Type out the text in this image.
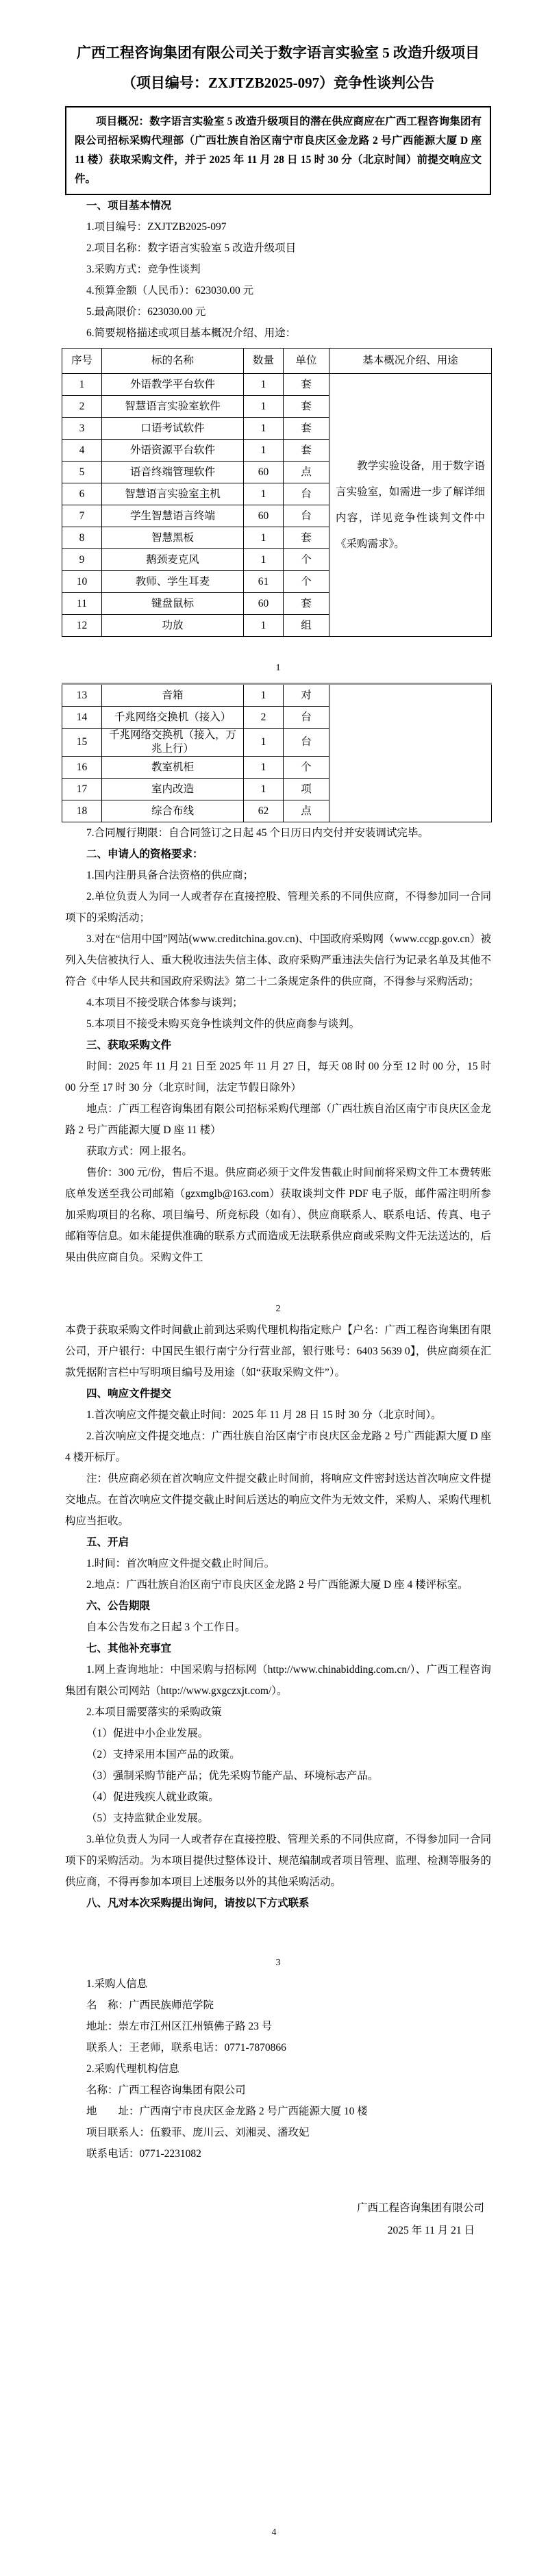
广西工程咨询集团有限公司关于数字语言实验室 5 改造升级项目
（项目编号：ZXJTZB2025-097）竞争性谈判公告
项目概况：数字语言实验室 5 改造升级项目的潜在供应商应在广西工程咨询集团有限公司招标采购代理部（广西壮族自治区南宁市良庆区金龙路 2 号广西能源大厦 D 座 11 楼）获取采购文件，并于 2025 年 11 月 28 日 15 时 30 分（北京时间）前提交响应文件。

一、项目基本情况

1.项目编号：ZXJTZB2025-097

2.项目名称：数字语言实验室 5 改造升级项目

3.采购方式：竞争性谈判

4.预算金额（人民币）：623030.00 元

5.最高限价：623030.00 元

6.简要规格描述或项目基本概况介绍、用途：

序号	标的名称	数量	单位	基本概况介绍、用途
1	外语教学平台软件	1	套	教学实验设备，用于数字语言实验室，如需进一步了解详细内容，详见竞争性谈判文件中《采购需求》。
2	智慧语言实验室软件	1	套	
3	口语考试软件	1	套	
4	外语资源平台软件	1	套	
5	语音终端管理软件	60	点	
6	智慧语言实验室主机	1	台	
7	学生智慧语言终端	60	台	
8	智慧黑板	1	套	
9	鹅颈麦克风	1	个	
10	教师、学生耳麦	61	个	
11	键盘鼠标	60	套	
12	功放	1	组	
1
13	音箱	1	对	
14	千兆网络交换机（接入）	2	台	
15	千兆网络交换机（接入，万兆上行）	1	台	
16	教室机柜	1	个	
17	室内改造	1	项	
18	综合布线	62	点	

7.合同履行期限：自合同签订之日起 45 个日历日内交付并安装调试完毕。

二、申请人的资格要求：

1.国内注册具备合法资格的供应商；

2.单位负责人为同一人或者存在直接控股、管理关系的不同供应商，不得参加同一合同项下的采购活动；

3.对在“信用中国”网站(www.creditchina.gov.cn)、中国政府采购网（www.ccgp.gov.cn）被列入失信被执行人、重大税收违法失信主体、政府采购严重违法失信行为记录名单及其他不符合《中华人民共和国政府采购法》第二十二条规定条件的供应商，不得参与采购活动；

4.本项目不接受联合体参与谈判；

5.本项目不接受未购买竞争性谈判文件的供应商参与谈判。

三、获取采购文件

时间：2025 年 11 月 21 日至 2025 年 11 月 27 日，每天 08 时 00 分至 12 时 00 分，15 时 00 分至 17 时 30 分（北京时间，法定节假日除外）

地点：广西工程咨询集团有限公司招标采购代理部（广西壮族自治区南宁市良庆区金龙路 2 号广西能源大厦 D 座 11 楼）

获取方式：网上报名。

售价：300 元/份，售后不退。供应商必须于文件发售截止时间前将采购文件工本费转账底单发送至我公司邮箱（gzxmglb@163.com）获取谈判文件 PDF 电子版，邮件需注明所参加采购项目的名称、项目编号、所竞标段（如有）、供应商联系人、联系电话、传真、电子邮箱等信息。如未能提供准确的联系方式而造成无法联系供应商或采购文件无法送达的，后果由供应商自负。采购文件工

2

本费于获取采购文件时间截止前到达采购代理机构指定账户【户名：广西工程咨询集团有限公司，开户银行：中国民生银行南宁分行营业部，银行账号：6403 5639 0】，供应商须在汇款凭据附言栏中写明项目编号及用途（如“获取采购文件”）。

四、响应文件提交

1.首次响应文件提交截止时间：2025 年 11 月 28 日 15 时 30 分（北京时间）。

2.首次响应文件提交地点：广西壮族自治区南宁市良庆区金龙路 2 号广西能源大厦 D 座 4 楼开标厅。

注：供应商必须在首次响应文件提交截止时间前，将响应文件密封送达首次响应文件提交地点。在首次响应文件提交截止时间后送达的响应文件为无效文件，采购人、采购代理机构应当拒收。

五、开启

1.时间：首次响应文件提交截止时间后。

2.地点：广西壮族自治区南宁市良庆区金龙路 2 号广西能源大厦 D 座 4 楼评标室。

六、公告期限

自本公告发布之日起 3 个工作日。

七、其他补充事宜

1.网上查询地址：中国采购与招标网（http://www.chinabidding.com.cn/）、广西工程咨询集团有限公司网站（http://www.gxgczxjt.com/）。

2.本项目需要落实的采购政策

（1）促进中小企业发展。

（2）支持采用本国产品的政策。

（3）强制采购节能产品；优先采购节能产品、环境标志产品。

（4）促进残疾人就业政策。

（5）支持监狱企业发展。

3.单位负责人为同一人或者存在直接控股、管理关系的不同供应商，不得参加同一合同项下的采购活动。为本项目提供过整体设计、规范编制或者项目管理、监理、检测等服务的供应商，不得再参加本项目上述服务以外的其他采购活动。

八、凡对本次采购提出询问，请按以下方式联系

3

1.采购人信息

名　称：广西民族师范学院

地址：崇左市江州区江州镇佛子路 23 号

联系人：王老师，联系电话：0771-7870866

2.采购代理机构信息

名称：广西工程咨询集团有限公司

地　　址：广西南宁市良庆区金龙路 2 号广西能源大厦 10 楼

项目联系人：伍毅菲、庞川云、刘湘灵、潘玫妃

联系电话：0771-2231082

广西工程咨询集团有限公司

2025 年 11 月 21 日

4
